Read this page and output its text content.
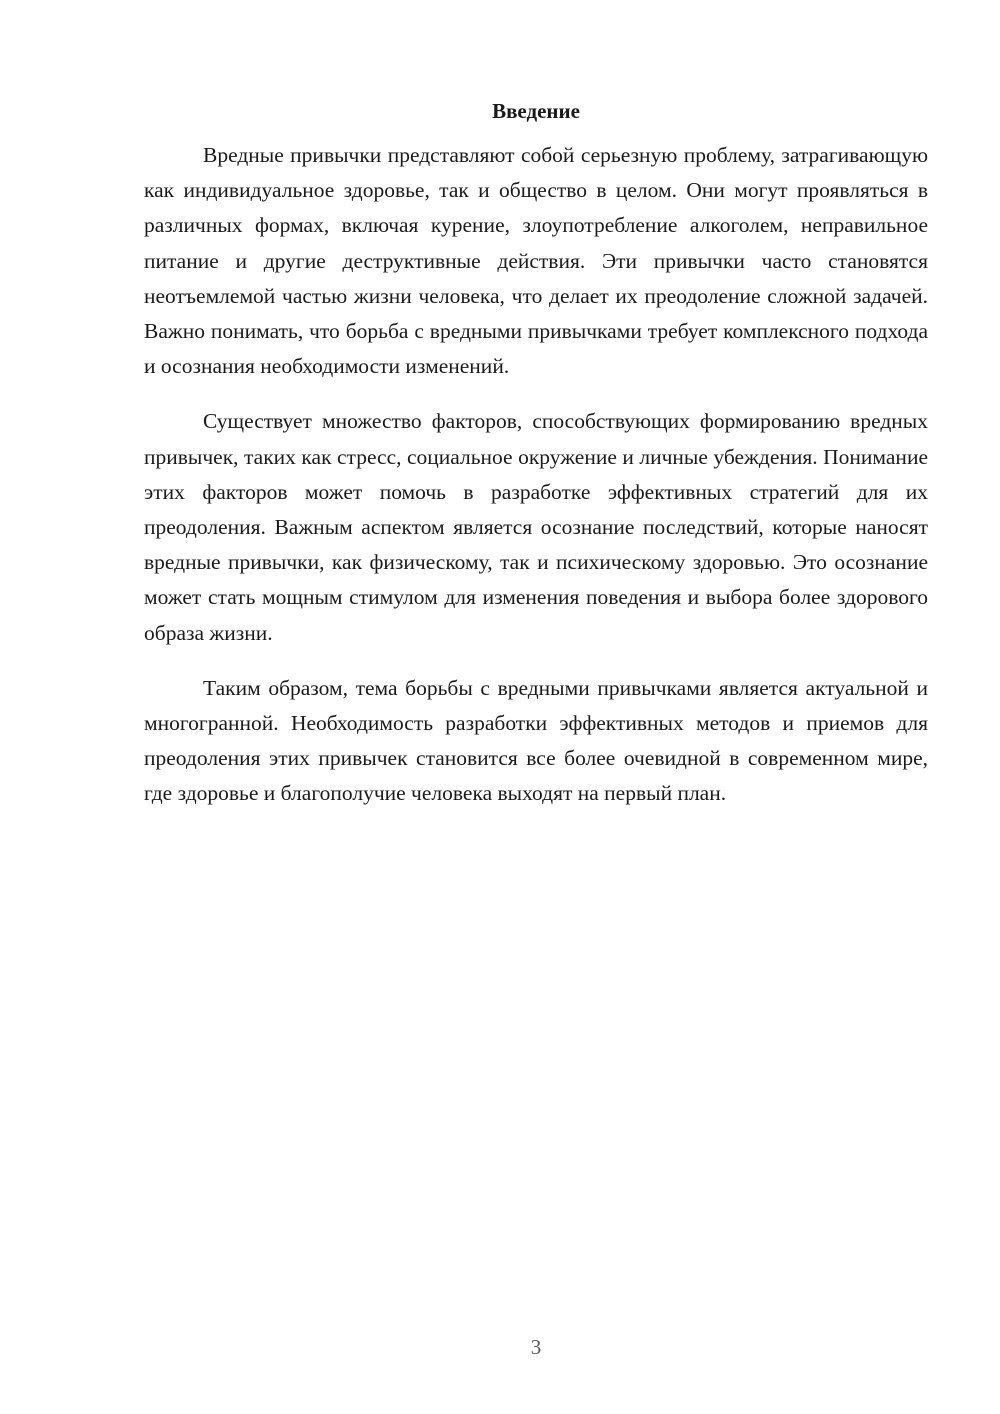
Введение

Вредные привычки представляют собой серьезную проблему, затрагивающую как индивидуальное здоровье, так и общество в целом. Они могут проявляться в различных формах, включая курение, злоупотребление алкоголем, неправильное питание и другие деструктивные действия. Эти привычки часто становятся неотъемлемой частью жизни человека, что делает их преодоление сложной задачей. Важно понимать, что борьба с вредными привычками требует комплексного подхода и осознания необходимости изменений.

Существует множество факторов, способствующих формированию вредных привычек, таких как стресс, социальное окружение и личные убеждения. Понимание этих факторов может помочь в разработке эффективных стратегий для их преодоления. Важным аспектом является осознание последствий, которые наносят вредные привычки, как физическому, так и психическому здоровью. Это осознание может стать мощным стимулом для изменения поведения и выбора более здорового образа жизни.

Таким образом, тема борьбы с вредными привычками является актуальной и многогранной. Необходимость разработки эффективных методов и приемов для преодоления этих привычек становится все более очевидной в современном мире, где здоровье и благополучие человека выходят на первый план.

3
